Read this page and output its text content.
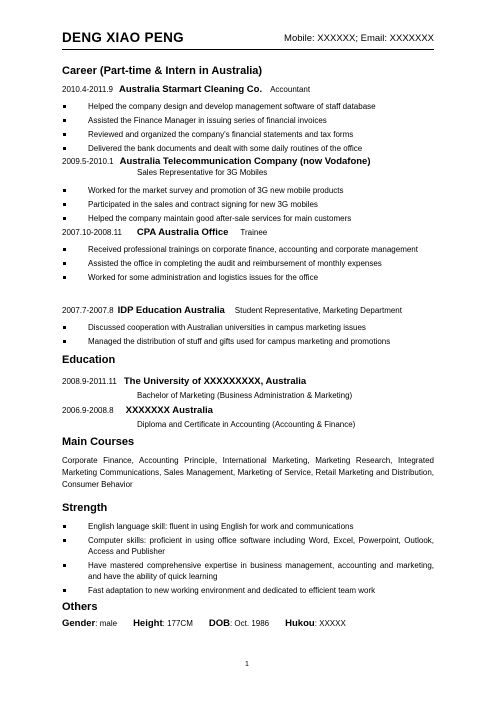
DENG XIAO PENG	Mobile: XXXXXX; Email: XXXXXXX
Career (Part-time & Intern in Australia)
2010.4-2011.9 Australia Starmart Cleaning Co. Accountant
Helped the company design and develop management software of staff database
Assisted the Finance Manager in issuing series of financial invoices
Reviewed and organized the company's financial statements and tax forms
Delivered the bank documents and dealt with some daily routines of the office
2009.5-2010.1 Australia Telecommunication Company (now Vodafone)
Sales Representative for 3G Mobiles
Worked for the market survey and promotion of 3G new mobile products
Participated in the sales and contract signing for new 3G mobiles
Helped the company maintain good after-sale services for main customers
2007.10-2008.11 CPA Australia Office Trainee
Received professional trainings on corporate finance, accounting and corporate management
Assisted the office in completing the audit and reimbursement of monthly expenses
Worked for some administration and logistics issues for the office
2007.7-2007.8 IDP Education Australia Student Representative, Marketing Department
Discussed cooperation with Australian universities in campus marketing issues
Managed the distribution of stuff and gifts used for campus marketing and promotions
Education
2008.9-2011.11 The University of XXXXXXXXX, Australia
Bachelor of Marketing (Business Administration & Marketing)
2006.9-2008.8 XXXXXXX Australia
Diploma and Certificate in Accounting (Accounting & Finance)
Main Courses
Corporate Finance, Accounting Principle, International Marketing, Marketing Research, Integrated Marketing Communications, Sales Management, Marketing of Service, Retail Marketing and Distribution, Consumer Behavior
Strength
English language skill: fluent in using English for work and communications
Computer skills: proficient in using office software including Word, Excel, Powerpoint, Outlook, Access and Publisher
Have mastered comprehensive expertise in business management, accounting and marketing, and have the ability of quick learning
Fast adaptation to new working environment and dedicated to efficient team work
Others
Gender: male Height: 177CM DOB: Oct. 1986 Hukou: XXXXX
1
